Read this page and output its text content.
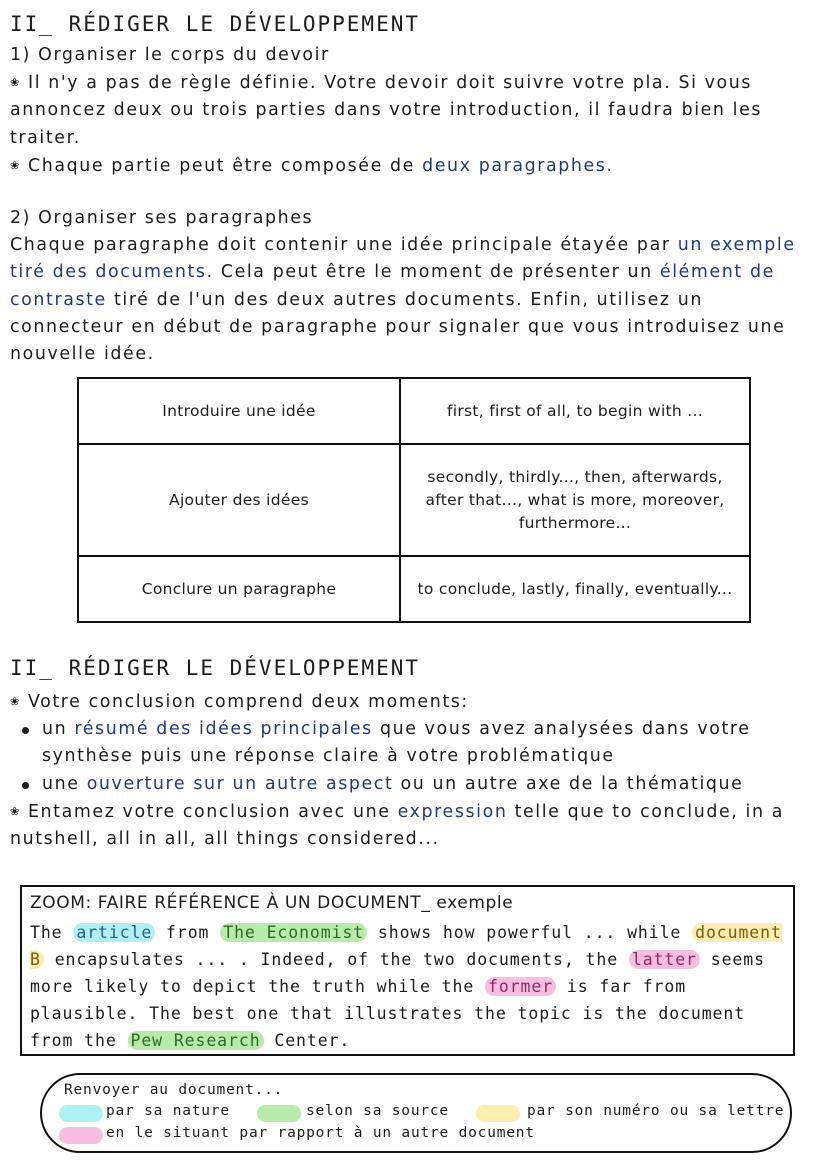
II_ RÉDIGER LE DÉVELOPPEMENT
1) Organiser le corps du devoir
❀ Il n'y a pas de règle définie. Votre devoir doit suivre votre pla. Si vous annoncez deux ou trois parties dans votre introduction, il faudra bien les traiter.
❀ Chaque partie peut être composée de deux paragraphes.
2) Organiser ses paragraphes
Chaque paragraphe doit contenir une idée principale étayée par un exemple tiré des documents. Cela peut être le moment de présenter un élément de contraste tiré de l'un des deux autres documents. Enfin, utilisez un connecteur en début de paragraphe pour signaler que vous introduisez une nouvelle idée.
Introduire une idée	first, first of all, to begin with ...
Ajouter des idées	secondly, thirdly..., then, afterwards, after that..., what is more, moreover, furthermore...
Conclure un paragraphe	to conclude, lastly, finally, eventually...
II_ RÉDIGER LE DÉVELOPPEMENT
❀ Votre conclusion comprend deux moments:
un résumé des idées principales que vous avez analysées dans votre synthèse puis une réponse claire à votre problématique
une ouverture sur un autre aspect ou un autre axe de la thématique
❀ Entamez votre conclusion avec une expression telle que to conclude, in a nutshell, all in all, all things considered...
ZOOM: FAIRE RÉFÉRENCE À UN DOCUMENT_ exemple

The article from The Economist shows how powerful ... while document B encapsulates ... . Indeed, of the two documents, the latter seems more likely to depict the truth while the former is far from plausible. The best one that illustrates the topic is the document from the Pew Research Center.

Renvoyer au document...
par sa nature	selon sa source	par son numéro ou sa lettre
en le situant par rapport à un autre document
